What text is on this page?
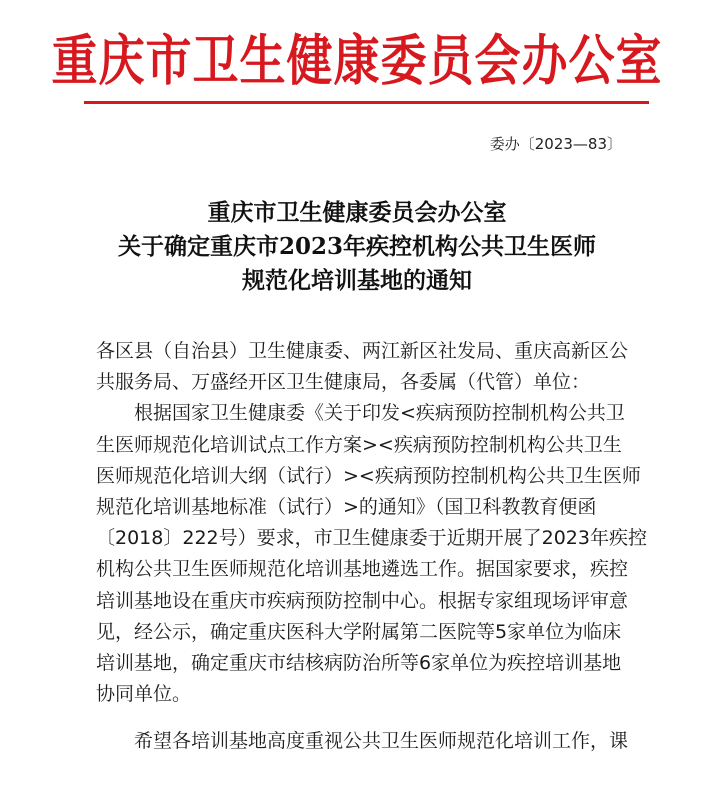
重庆市卫生健康委员会办公室
委办〔2023—83〕
重庆市卫生健康委员会办公室
关于确定重庆市2023年疾控机构公共卫生医师
规范化培训基地的通知
各区县（自治县）卫生健康委、两江新区社发局、重庆高新区公
共服务局、万盛经开区卫生健康局，各委属（代管）单位：
　　根据国家卫生健康委《关于印发<疾病预防控制机构公共卫
生医师规范化培训试点工作方案><疾病预防控制机构公共卫生
医师规范化培训大纲（试行）><疾病预防控制机构公共卫生医师
规范化培训基地标准（试行）>的通知》（国卫科教教育便函
〔2018〕222号）要求，市卫生健康委于近期开展了2023年疾控
机构公共卫生医师规范化培训基地遴选工作。据国家要求，疾控
培训基地设在重庆市疾病预防控制中心。根据专家组现场评审意
见，经公示，确定重庆医科大学附属第二医院等5家单位为临床
培训基地，确定重庆市结核病防治所等6家单位为疾控培训基地
协同单位。
　　希望各培训基地高度重视公共卫生医师规范化培训工作，课
